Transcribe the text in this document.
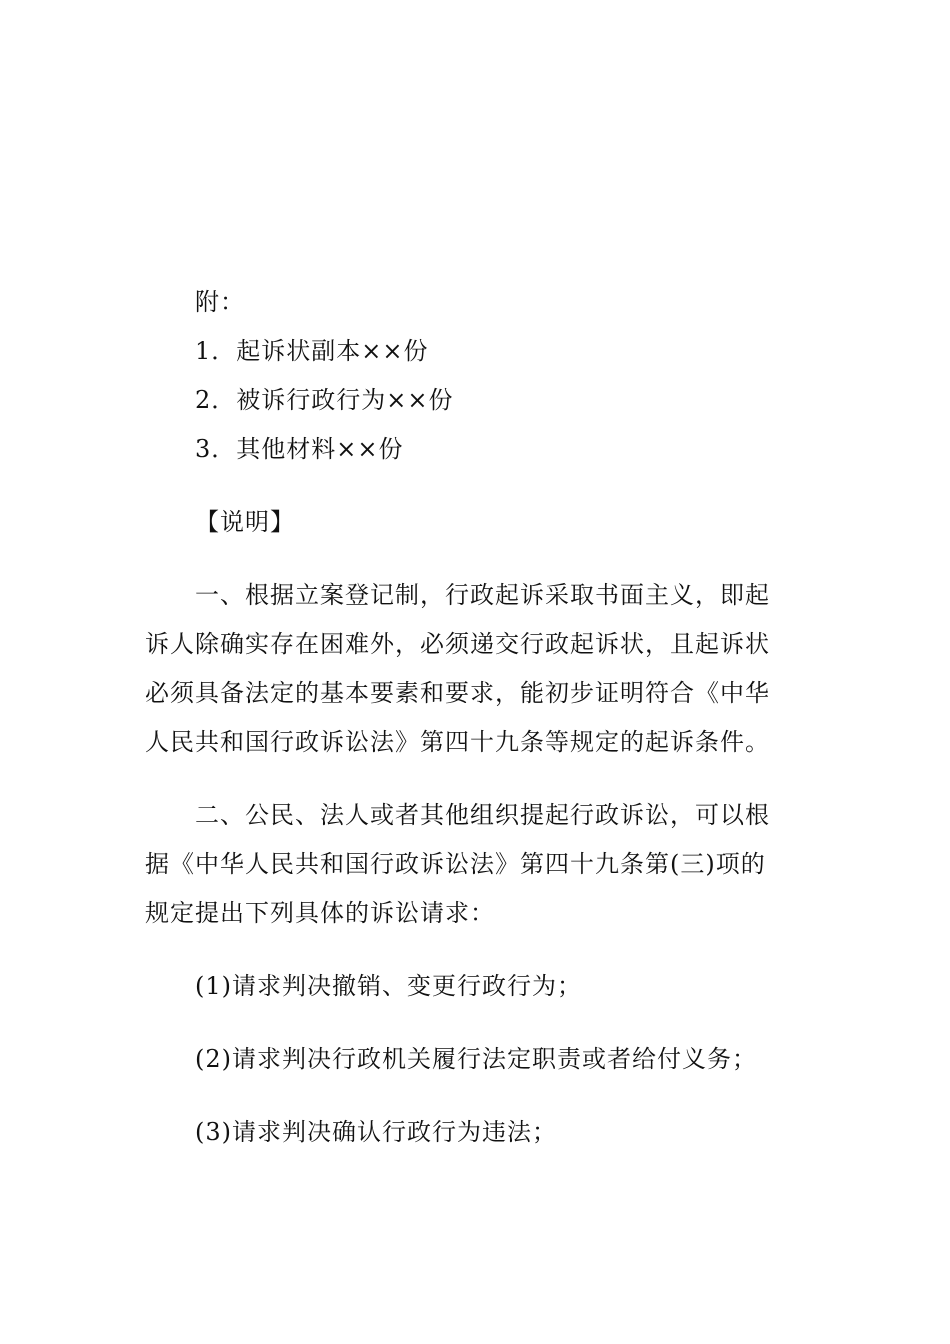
附：
1．起诉状副本××份
2．被诉行政行为××份
3．其他材料××份
【说明】
一、根据立案登记制，行政起诉采取书面主义，即起
诉人除确实存在困难外，必须递交行政起诉状，且起诉状
必须具备法定的基本要素和要求，能初步证明符合《中华
人民共和国行政诉讼法》第四十九条等规定的起诉条件。
二、公民、法人或者其他组织提起行政诉讼，可以根
据《中华人民共和国行政诉讼法》第四十九条第(三)项的
规定提出下列具体的诉讼请求：
(1)请求判决撤销、变更行政行为；
(2)请求判决行政机关履行法定职责或者给付义务；
(3)请求判决确认行政行为违法；
